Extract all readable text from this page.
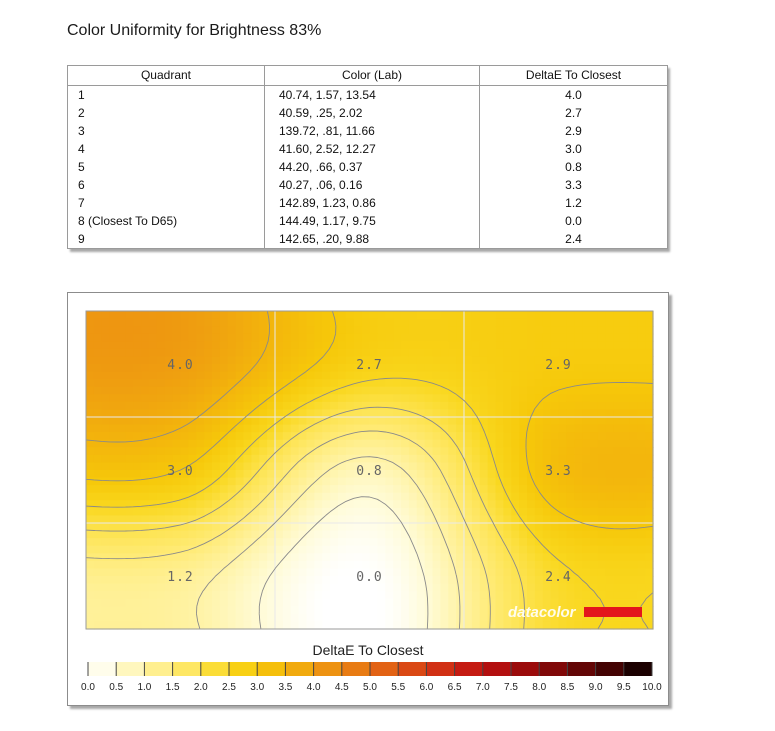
Color Uniformity for Brightness 83%
Quadrant	Color (Lab)	DeltaE To Closest
1	40.74, 1.57, 13.54	4.0
2	40.59, .25, 2.02	2.7
3	139.72, .81, 11.66	2.9
4	41.60, 2.52, 12.27	3.0
5	44.20, .66, 0.37	0.8
6	40.27, .06, 0.16	3.3
7	142.89, 1.23, 0.86	1.2
8 (Closest To D65)	144.49, 1.17, 9.75	0.0
9	142.65, .20, 9.88	2.4
4.0	2.7	2.9
3.0	0.8	3.3
1.2	0.0	2.4
datacolor
DeltaE To Closest
0.0 0.5 1.0 1.5 2.0 2.5 3.0 3.5 4.0 4.5 5.0 5.5 6.0 6.5 7.0 7.5 8.0 8.5 9.0 9.5 10.0
